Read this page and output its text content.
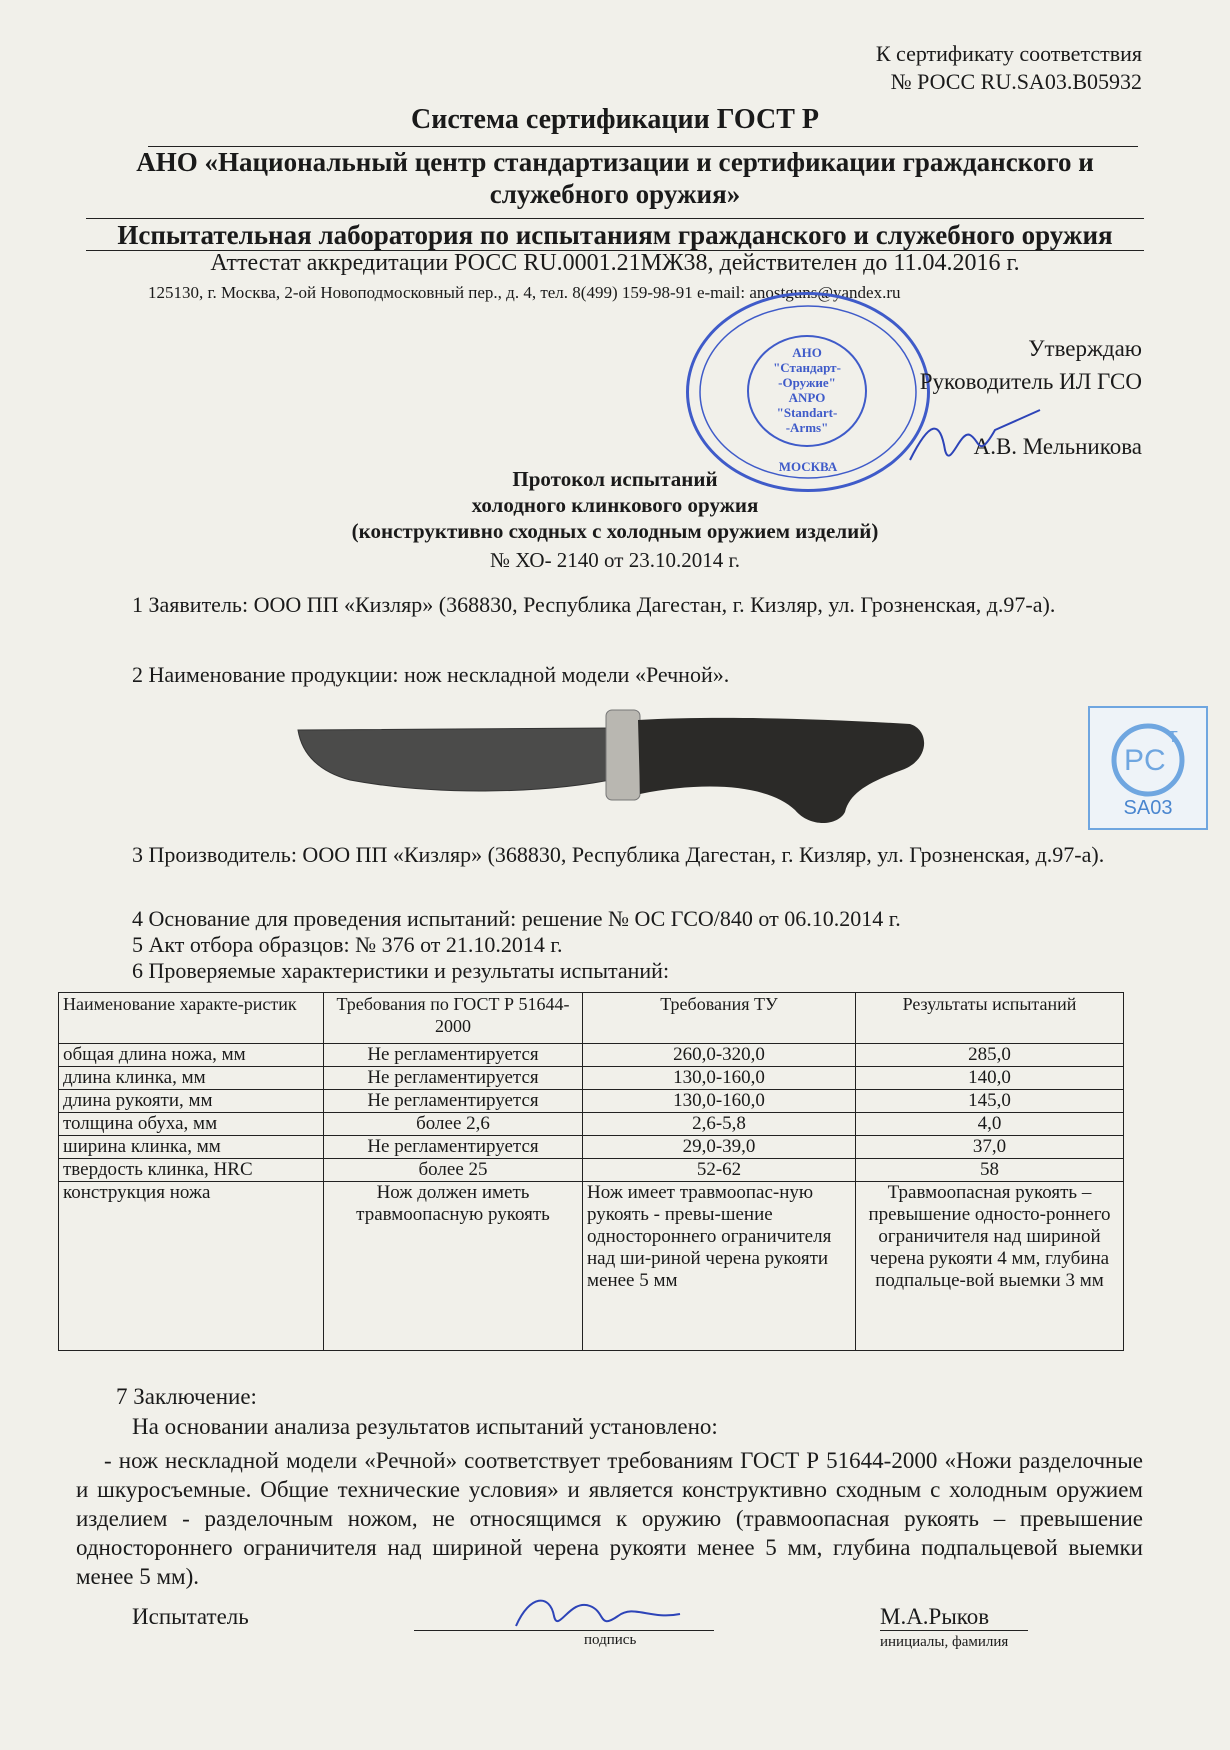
К сертификату соответствия
№ РОСС RU.SA03.B05932
Система сертификации ГОСТ Р
АНО «Национальный центр стандартизации и сертификации гражданского и служебного оружия»
Испытательная лаборатория по испытаниям гражданского и служебного оружия
Аттестат аккредитации РОСС RU.0001.21МЖ38, действителен до 11.04.2016 г.
125130, г. Москва, 2-ой Новоподмосковный пер., д. 4, тел. 8(499) 159-98-91 e-mail: anostguns@yandex.ru
АНО
"Стандарт-
-Оружие"
ANPO
"Standart-
-Arms"
МОСКВА
Утверждаю
Руководитель ИЛ ГСО
А.В. Мельникова
Протокол испытаний
холодного клинкового оружия
(конструктивно сходных с холодным оружием изделий)
№ ХО- 2140 от 23.10.2014 г.
1 Заявитель: ООО ПП «Кизляр» (368830, Республика Дагестан, г. Кизляр, ул. Грозненская, д.97-а).
2 Наименование продукции: нож нескладной модели «Речной».
PC
T
SA03
3 Производитель: ООО ПП «Кизляр» (368830, Республика Дагестан, г. Кизляр, ул. Грозненская, д.97-а).
4 Основание для проведения испытаний: решение № ОС ГСО/840 от 06.10.2014 г.
5 Акт отбора образцов: № 376 от 21.10.2014 г.
6 Проверяемые характеристики и результаты испытаний:
Наименование характе-ристик	Требования по ГОСТ Р 51644-2000	Требования ТУ	Результаты испытаний
общая длина ножа, мм	Не регламентируется	260,0-320,0	285,0
длина клинка, мм	Не регламентируется	130,0-160,0	140,0
длина рукояти, мм	Не регламентируется	130,0-160,0	145,0
толщина обуха, мм	более 2,6	2,6-5,8	4,0
ширина клинка, мм	Не регламентируется	29,0-39,0	37,0
твердость клинка, HRC	более 25	52-62	58
конструкция ножа	Нож должен иметь травмоопасную рукоять	Нож имеет травмоопас-ную рукоять - превы-шение одностороннего ограничителя над ши-риной черена рукояти менее 5 мм	Травмоопасная рукоять – превышение односто-роннего ограничителя над шириной черена рукояти 4 мм, глубина подпальце-вой выемки 3 мм
7 Заключение:
На основании анализа результатов испытаний установлено:
- нож нескладной модели «Речной» соответствует требованиям ГОСТ Р 51644-2000 «Ножи разделочные и шкуросъемные. Общие технические условия» и является конструктивно сходным с холодным оружием изделием - разделочным ножом, не относящимся к оружию (травмоопасная рукоять – превышение одностороннего ограничителя над шириной черена рукояти менее 5 мм, глубина подпальцевой выемки менее 5 мм).
Испытатель
подпись
М.А.Рыков
инициалы, фамилия
